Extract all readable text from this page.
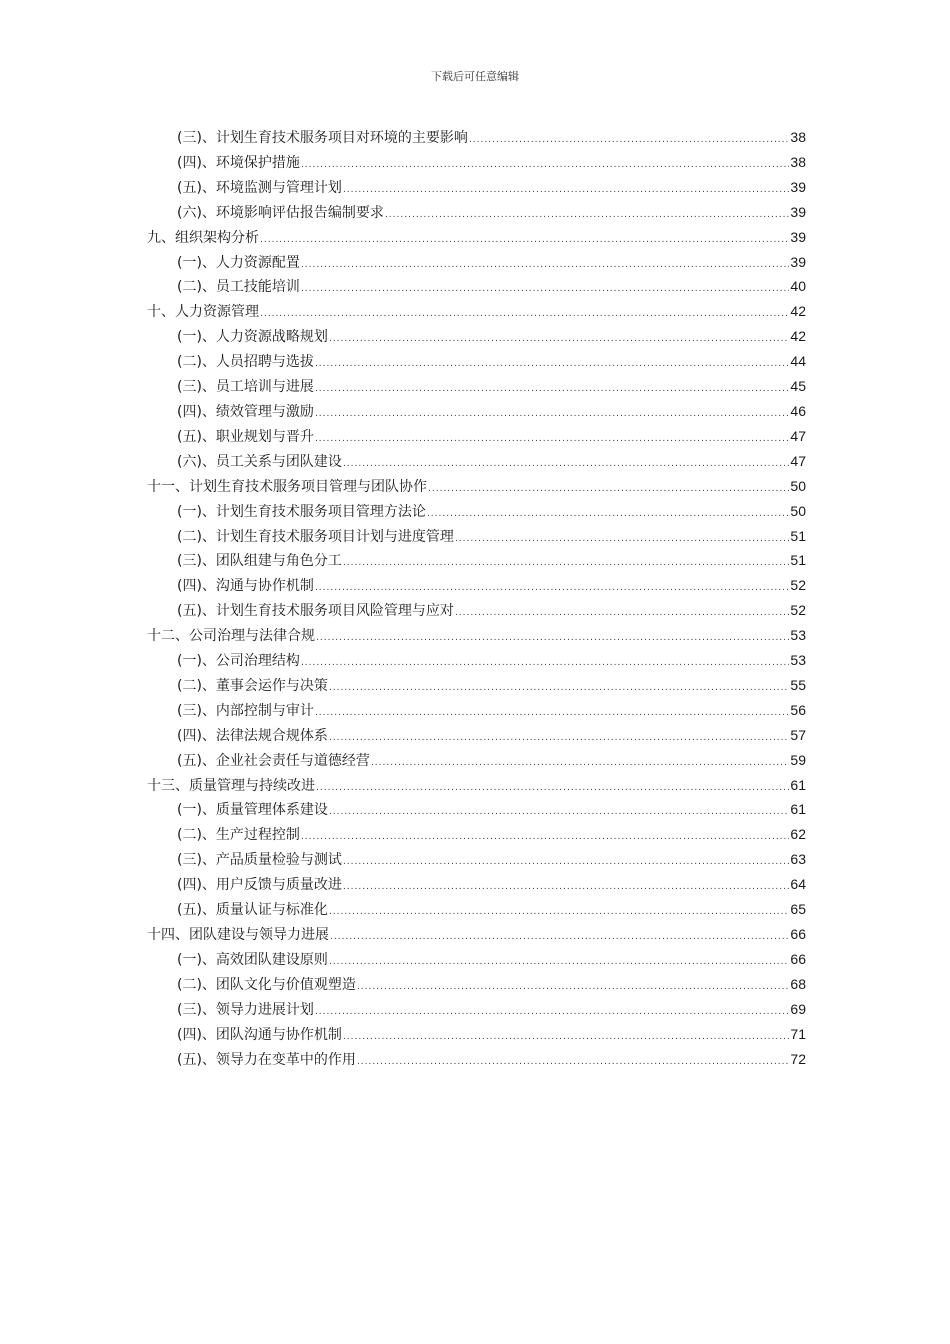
下载后可任意编辑
(三)、计划生育技术服务项目对环境的主要影响 .....	38
(四)、环境保护措施 .....	38
(五)、环境监测与管理计划 .....	39
(六)、环境影响评估报告编制要求 .....	39
九、组织架构分析 .....	39
(一)、人力资源配置 .....	39
(二)、员工技能培训 .....	40
十、人力资源管理 .....	42
(一)、人力资源战略规划 .....	42
(二)、人员招聘与选拔 .....	44
(三)、员工培训与进展 .....	45
(四)、绩效管理与激励 .....	46
(五)、职业规划与晋升 .....	47
(六)、员工关系与团队建设 .....	47
十一、计划生育技术服务项目管理与团队协作 .....	50
(一)、计划生育技术服务项目管理方法论 .....	50
(二)、计划生育技术服务项目计划与进度管理 .....	51
(三)、团队组建与角色分工 .....	51
(四)、沟通与协作机制 .....	52
(五)、计划生育技术服务项目风险管理与应对 .....	52
十二、公司治理与法律合规 .....	53
(一)、公司治理结构 .....	53
(二)、董事会运作与决策 .....	55
(三)、内部控制与审计 .....	56
(四)、法律法规合规体系 .....	57
(五)、企业社会责任与道德经营 .....	59
十三、质量管理与持续改进 .....	61
(一)、质量管理体系建设 .....	61
(二)、生产过程控制 .....	62
(三)、产品质量检验与测试 .....	63
(四)、用户反馈与质量改进 .....	64
(五)、质量认证与标准化 .....	65
十四、团队建设与领导力进展 .....	66
(一)、高效团队建设原则 .....	66
(二)、团队文化与价值观塑造 .....	68
(三)、领导力进展计划 .....	69
(四)、团队沟通与协作机制 .....	71
(五)、领导力在变革中的作用 .....	72
